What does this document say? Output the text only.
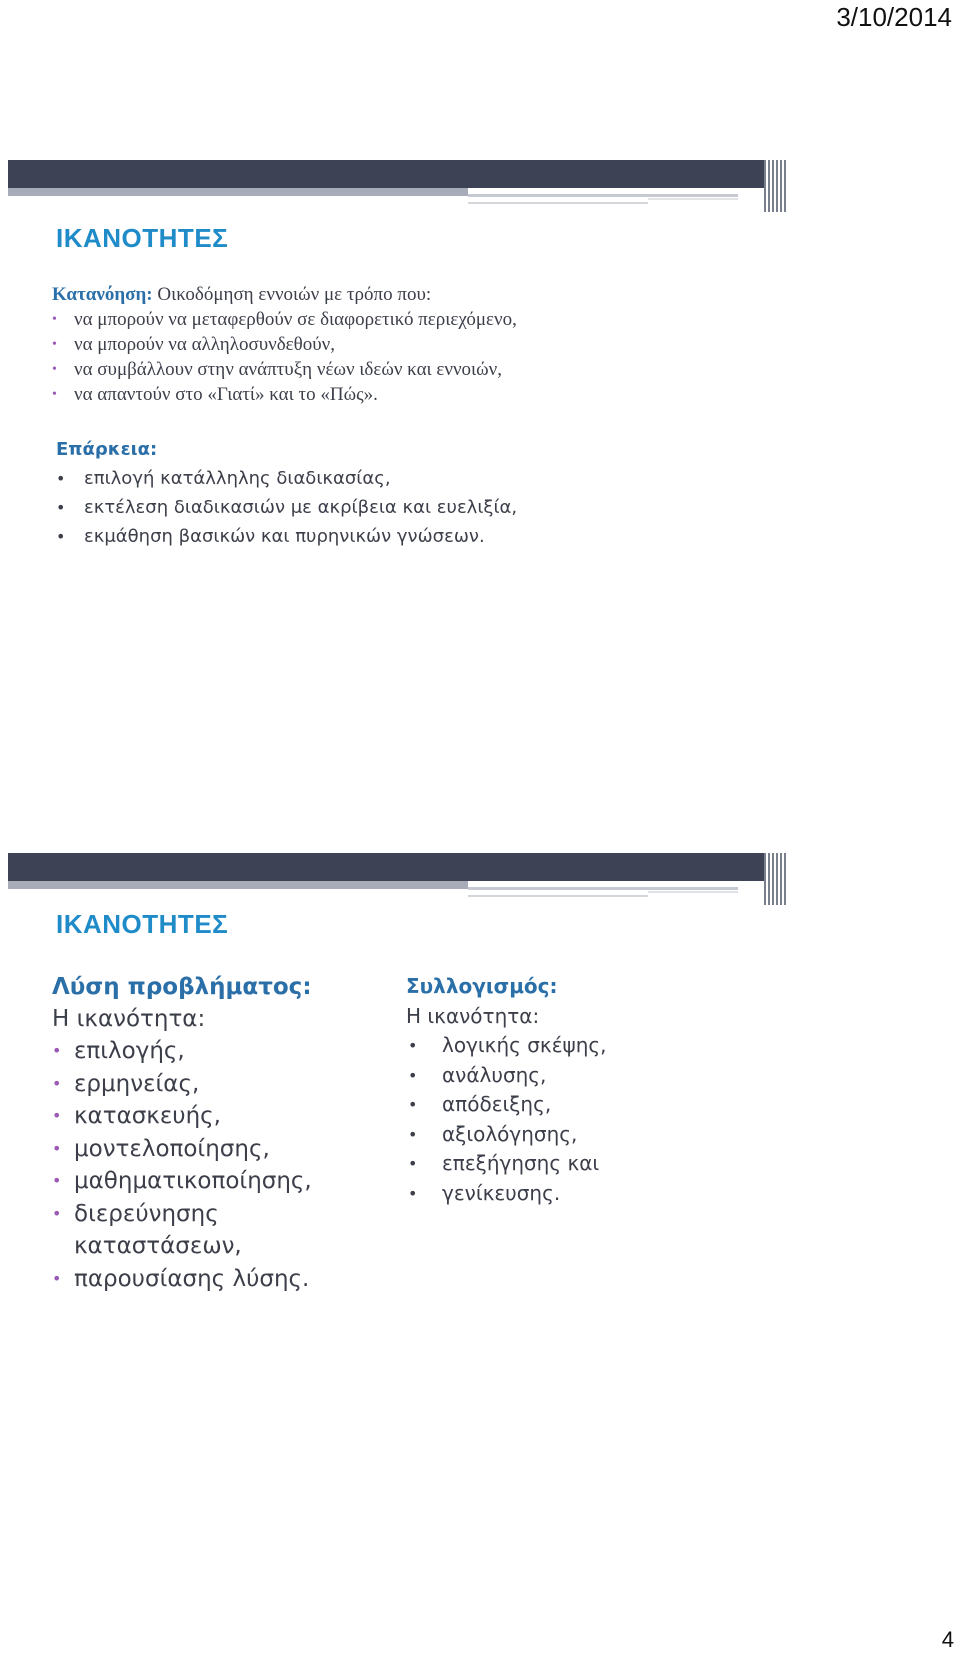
3/10/2014
ΙΚΑΝΟΤΗΤΕΣ
Κατανόηση: Οικοδόμηση εννοιών με τρόπο που:
• να μπορούν να μεταφερθούν σε διαφορετικό περιεχόμενο,
• να μπορούν να αλληλοσυνδεθούν,
• να συμβάλλουν στην ανάπτυξη νέων ιδεών και εννοιών,
• να απαντούν στο «Γιατί» και το «Πώς».
Επάρκεια:
• επιλογή κατάλληλης διαδικασίας,
• εκτέλεση διαδικασιών με ακρίβεια και ευελιξία,
• εκμάθηση βασικών και πυρηνικών γνώσεων.
ΙΚΑΝΟΤΗΤΕΣ
Λύση προβλήματος:
Η ικανότητα:
• επιλογής,
• ερμηνείας,
• κατασκευής,
• μοντελοποίησης,
• μαθηματικοποίησης,
• διερεύνησης καταστάσεων,
• παρουσίασης λύσης.
Συλλογισμός:
Η ικανότητα:
• λογικής σκέψης,
• ανάλυσης,
• απόδειξης,
• αξιολόγησης,
• επεξήγησης και
• γενίκευσης.
4
